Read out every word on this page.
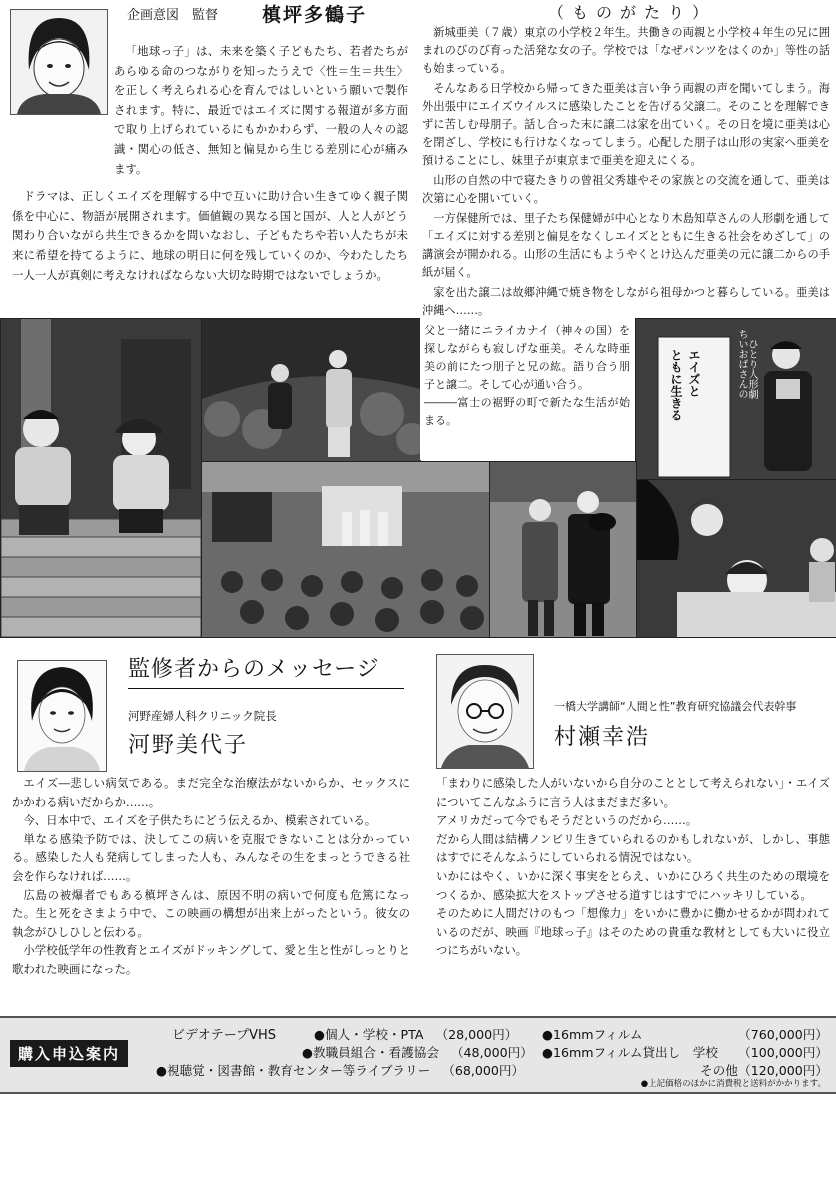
企画意図　監督 槙坪多鶴子

「地球っ子」は、未来を築く子どもたち、若者たちがあらゆる命のつながりを知ったうえで〈性＝生＝共生〉を正しく考えられる心を育んではしいという願いで製作されます。特に、最近ではエイズに関する報道が多方面で取り上げられているにもかかわらず、一般の人々の認識・関心の低さ、無知と偏見から生じる差別に心が痛みます。

ドラマは、正しくエイズを理解する中で互いに助け合い生きてゆく親子関係を中心に、物語が展開されます。価値観の異なる国と国が、人と人がどう関わり合いながら共生できるかを問いなおし、子どもたちや若い人たちが未来に希望を持てるように、地球の明日に何を残していくのか、今わたしたち一人一人が真剣に考えなければならない大切な時期ではないでしょうか。

（ものがたり）

新城亜美（７歳）東京の小学校２年生。共働きの両親と小学校４年生の兄に囲まれのびのび育った活発な女の子。学校では「なぜパンツをはくのか」等性の話も始まっている。

そんなある日学校から帰ってきた亜美は言い争う両親の声を聞いてしまう。海外出張中にエイズウイルスに感染したことを告げる父譲二。そのことを理解できずに苦しむ母朋子。話し合った末に譲二は家を出ていく。その日を境に亜美は心を閉ざし、学校にも行けなくなってしまう。心配した朋子は山形の実家へ亜美を預けることにし、妹里子が東京まで亜美を迎えにくる。

山形の自然の中で寝たきりの曾祖父秀雄やその家族との交流を通して、亜美は次第に心を開いていく。

一方保健所では、里子たち保健婦が中心となり木島知草さんの人形劇を通して「エイズに対する差別と偏見をなくしエイズとともに生きる社会をめざして」の講演会が開かれる。山形の生活にもようやくとけ込んだ亜美の元に譲二からの手紙が届く。

家を出た譲二は故郷沖縄で焼き物をしながら祖母かつと暮らしている。亜美は沖縄へ……。

父と一緒にニライカナイ（神々の国）を探しながらも寂しげな亜美。そんな時亜美の前にたつ朋子と兄の紘。語り合う朋子と譲二。そして心が通い合う。

―――富士の裾野の町で新たな生活が始まる。

ちいおばさんの ひとり人形劇
エイズと
ともに生きる
監修者からのメッセージ
河野産婦人科クリニック院長
河野美代子
一橋大学講師“人間と性”教育研究協議会代表幹事
村瀬幸浩

エイズ―悲しい病気である。まだ完全な治療法がないからか、セックスにかかわる病いだからか……。

今、日本中で、エイズを子供たちにどう伝えるか、模索されている。

単なる感染予防では、決してこの病いを克服できないことは分かっている。感染した人も発病してしまった人も、みんなその生をまっとうできる社会を作らなければ……。

広島の被爆者でもある槙坪さんは、原因不明の病いで何度も危篤になった。生と死をさまよう中で、この映画の構想が出来上がったという。彼女の執念がひしひしと伝わる。

小学校低学年の性教育とエイズがドッキングして、愛と生と性がしっとりと歌われた映画になった。

「まわりに感染した人がいないから自分のこととして考えられない」・エイズについてこんなふうに言う人はまだまだ多い。

アメリカだって今でもそうだというのだから……。

だから人間は結構ノンビリ生きていられるのかもしれないが、しかし、事態はすでにそんなふうにしていられる情況ではない。

いかにはやく、いかに深く事実をとらえ、いかにひろく共生のための環境をつくるか、感染拡大をストップさせる道すじはすでにハッキリしている。

そのために人間だけのもつ「想像力」をいかに豊かに働かせるかが問われているのだが、映画『地球っ子』はそのための貴重な教材としても大いに役立つにちがいない。

購入申込案内
ビデオテープVHS	●個人・学校・PTA （28,000円）
●教職員組合・看護協会 （48,000円）
●視聴覚・図書館・教育センター等ライブラリー （68,000円）
●16mmフィルム	（760,000円）
●16mmフィルム貸出し　学校 （100,000円）
その他 （120,000円）
●上記価格のほかに消費税と送料がかかります。
